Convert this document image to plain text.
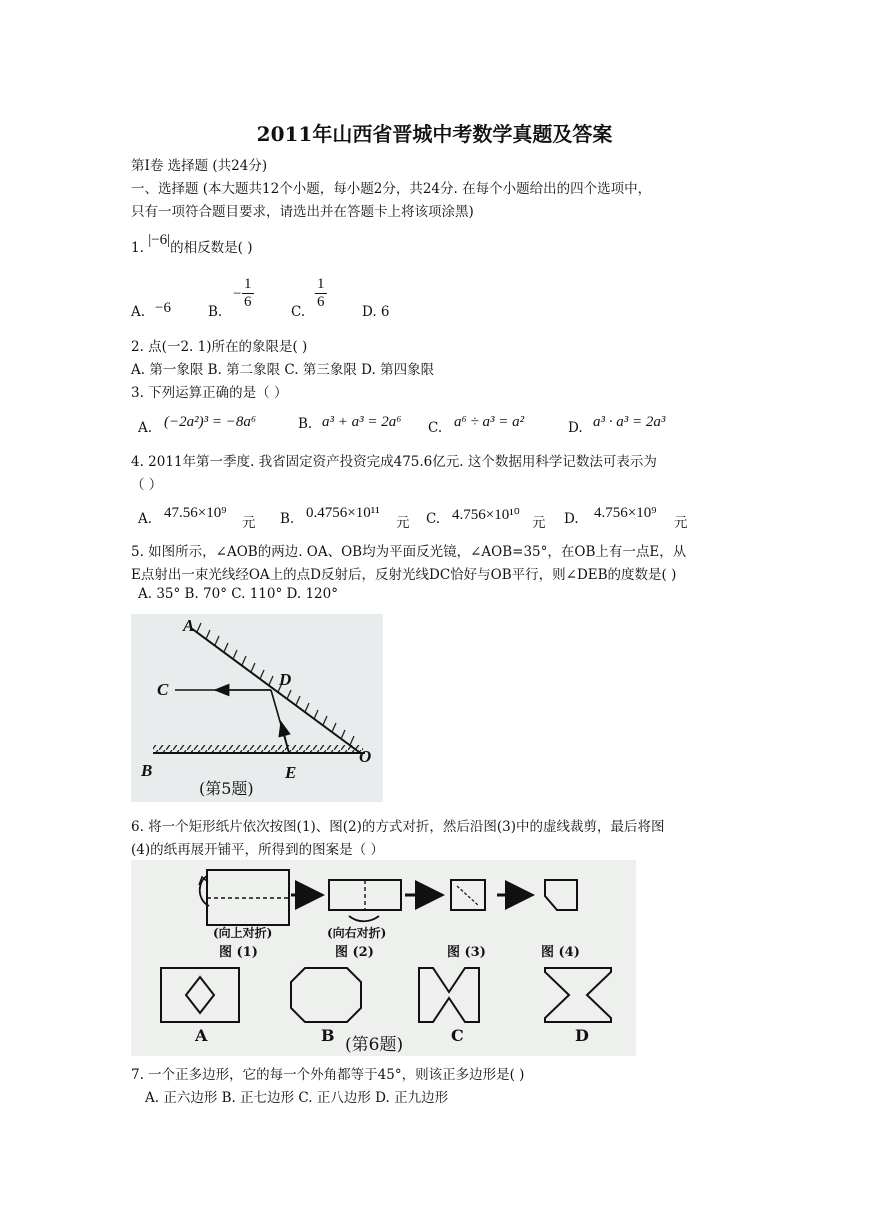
2011年山西省晋城中考数学真题及答案
第Ⅰ卷 选择题 (共24分)
一、选择题 (本大题共12个小题，每小题2分，共24分. 在每个小题给出的四个选项中，
只有一项符合题目要求，请选出并在答题卡上将该项涂黑)
1. |−6|的相反数是( )
A. −6	B.
− $\frac{1}{6}$
C.
$\frac{1}{6}$
D. 6
2. 点(一2. 1)所在的象限是( )
A. 第一象限 B. 第二象限 C. 第三象限 D. 第四象限
3. 下列运算正确的是（ ）
A. (−2a²)³ = −8a⁶	B. a³ + a³ = 2a⁶ C. a⁶ ÷ a³ = a²	D. a³ · a³ = 2a³
4. 2011年第一季度. 我省固定资产投资完成475.6亿元. 这个数据用科学记数法可表示为
（ ）
A. 47.56×10⁹
元 B. 0.4756×10¹¹
元 C. 4.756×10¹⁰ 元 D. 4.756×10⁹
元
5. 如图所示，∠AOB的两边. OA、OB均为平面反光镜，∠AOB=35°，在OB上有一点E，从
E点射出一束光线经OA上的点D反射后，反射光线DC恰好与OB平行，则∠DEB的度数是( )
A. 35° B. 70° C. 110° D. 120°
A
C
D
B	E
O
(第5题)
6. 将一个矩形纸片依次按图(1)、图(2)的方式对折，然后沿图(3)中的虚线裁剪，最后将图
(4)的纸再展开铺平，所得到的图案是（ ）
(向上对折)	(向右对折)
图 (1)	图 (2)	图 (3)	图 (4)
A	B	C	D
(第6题)
7. 一个正多边形，它的每一个外角都等于45°，则该正多边形是( )
A. 正六边形 B. 正七边形 C. 正八边形 D. 正九边形
